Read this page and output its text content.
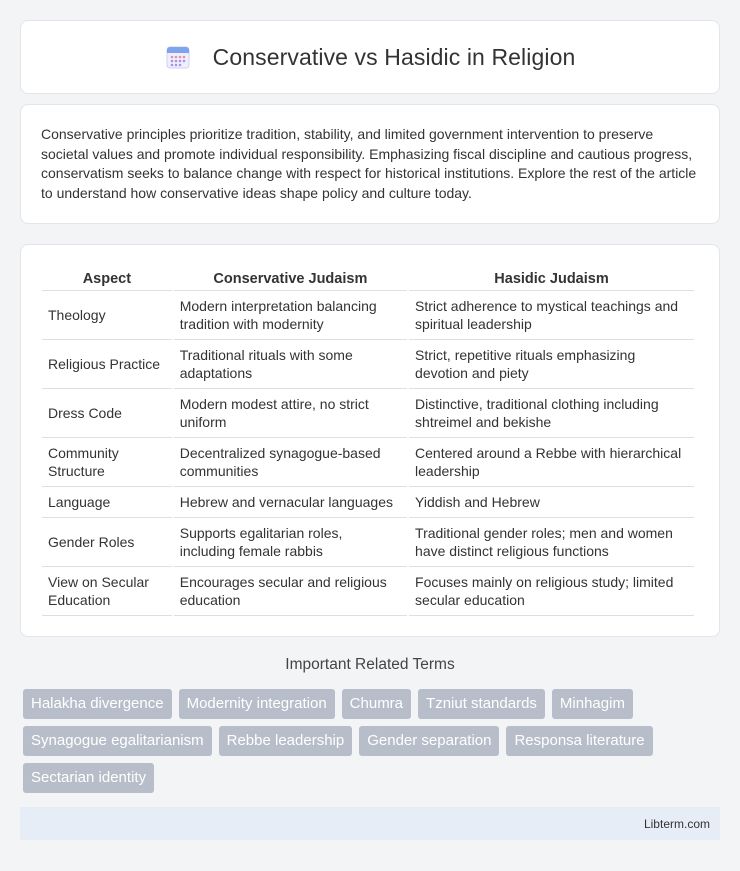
Conservative vs Hasidic in Religion

Conservative principles prioritize tradition, stability, and limited government intervention to preserve societal values and promote individual responsibility. Emphasizing fiscal discipline and cautious progress, conservatism seeks to balance change with respect for historical institutions. Explore the rest of the article to understand how conservative ideas shape policy and culture today.

Aspect	Conservative Judaism	Hasidic Judaism
Theology	Modern interpretation balancing tradition with modernity	Strict adherence to mystical teachings and spiritual leadership
Religious Practice	Traditional rituals with some adaptations	Strict, repetitive rituals emphasizing devotion and piety
Dress Code	Modern modest attire, no strict uniform	Distinctive, traditional clothing including shtreimel and bekishe
Community Structure	Decentralized synagogue-based communities	Centered around a Rebbe with hierarchical leadership
Language	Hebrew and vernacular languages	Yiddish and Hebrew
Gender Roles	Supports egalitarian roles, including female rabbis	Traditional gender roles; men and women have distinct religious functions
View on Secular Education	Encourages secular and religious education	Focuses mainly on religious study; limited secular education
Important Related Terms
Halakha divergence	Modernity integration	Chumra	Tzniut standards	Minhagim
Synagogue egalitarianism	Rebbe leadership	Gender separation	Responsa literature
Sectarian identity
Libterm.com
